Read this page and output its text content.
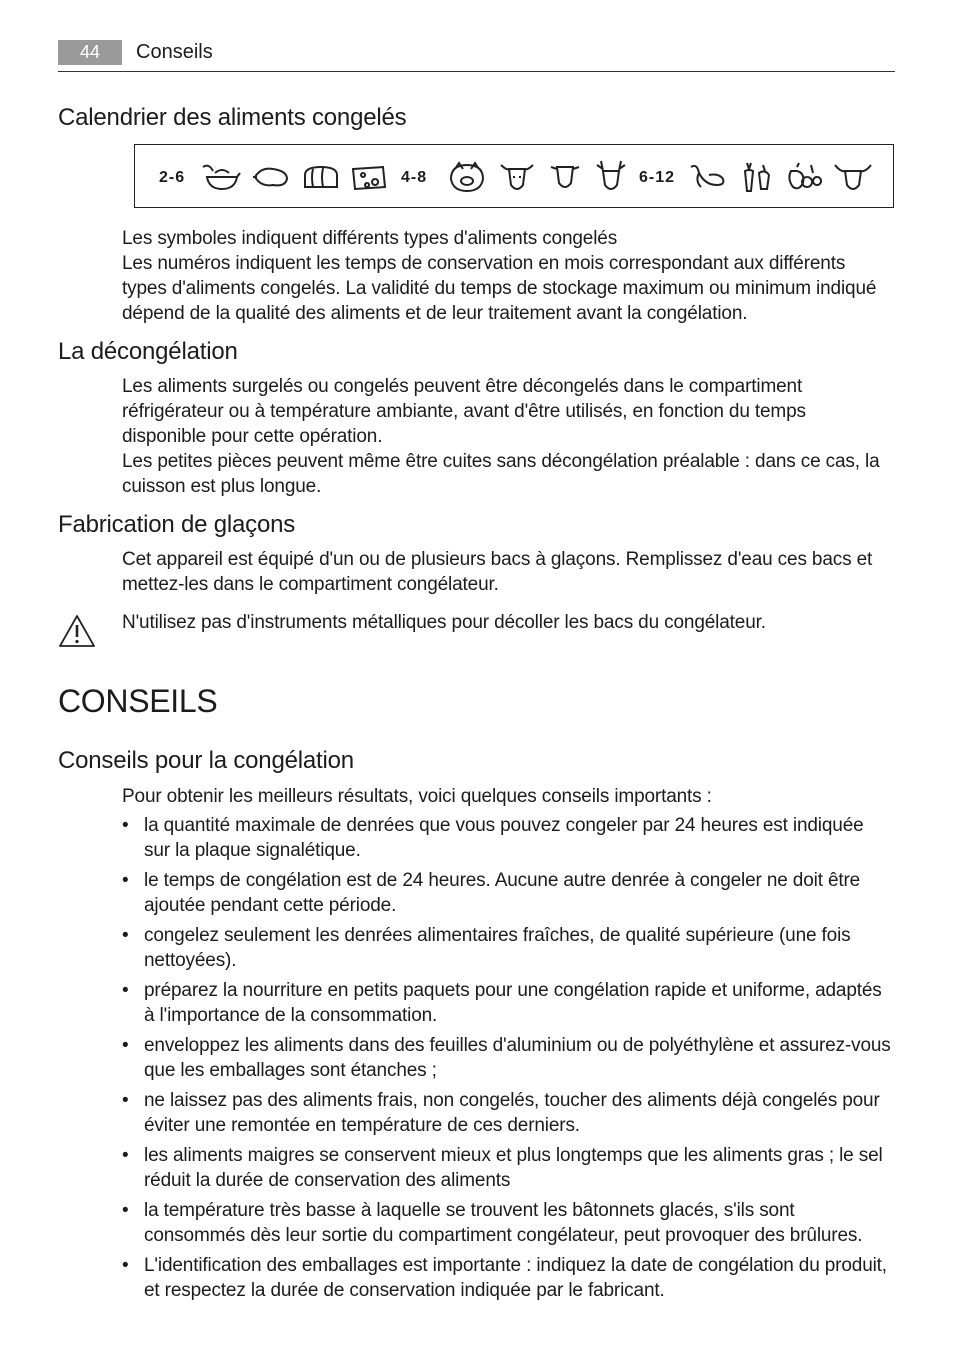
44	Conseils
Calendrier des aliments congelés
2-6	4-8	6-12
Les symboles indiquent différents types d'aliments congelés
Les numéros indiquent les temps de conservation en mois correspondant aux différents types d'aliments congelés. La validité du temps de stockage maximum ou minimum indiqué dépend de la qualité des aliments et de leur traitement avant la congélation.
La décongélation
Les aliments surgelés ou congelés peuvent être décongelés dans le compartiment réfrigérateur ou à température ambiante, avant d'être utilisés, en fonction du temps disponible pour cette opération.
Les petites pièces peuvent même être cuites sans décongélation préalable : dans ce cas, la cuisson est plus longue.
Fabrication de glaçons
Cet appareil est équipé d'un ou de plusieurs bacs à glaçons. Remplissez d'eau ces bacs et mettez-les dans le compartiment congélateur.
N'utilisez pas d'instruments métalliques pour décoller les bacs du congélateur.
CONSEILS
Conseils pour la congélation
Pour obtenir les meilleurs résultats, voici quelques conseils importants :
• la quantité maximale de denrées que vous pouvez congeler par 24 heures est indiquée sur la plaque signalétique.
• le temps de congélation est de 24 heures. Aucune autre denrée à congeler ne doit être ajoutée pendant cette période.
• congelez seulement les denrées alimentaires fraîches, de qualité supérieure (une fois nettoyées).
• préparez la nourriture en petits paquets pour une congélation rapide et uniforme, adaptés à l'importance de la consommation.
• enveloppez les aliments dans des feuilles d'aluminium ou de polyéthylène et assurez-vous que les emballages sont étanches ;
• ne laissez pas des aliments frais, non congelés, toucher des aliments déjà congelés pour éviter une remontée en température de ces derniers.
• les aliments maigres se conservent mieux et plus longtemps que les aliments gras ; le sel réduit la durée de conservation des aliments
• la température très basse à laquelle se trouvent les bâtonnets glacés, s'ils sont consommés dès leur sortie du compartiment congélateur, peut provoquer des brûlures.
• L'identification des emballages est importante : indiquez la date de congélation du produit, et respectez la durée de conservation indiquée par le fabricant.
